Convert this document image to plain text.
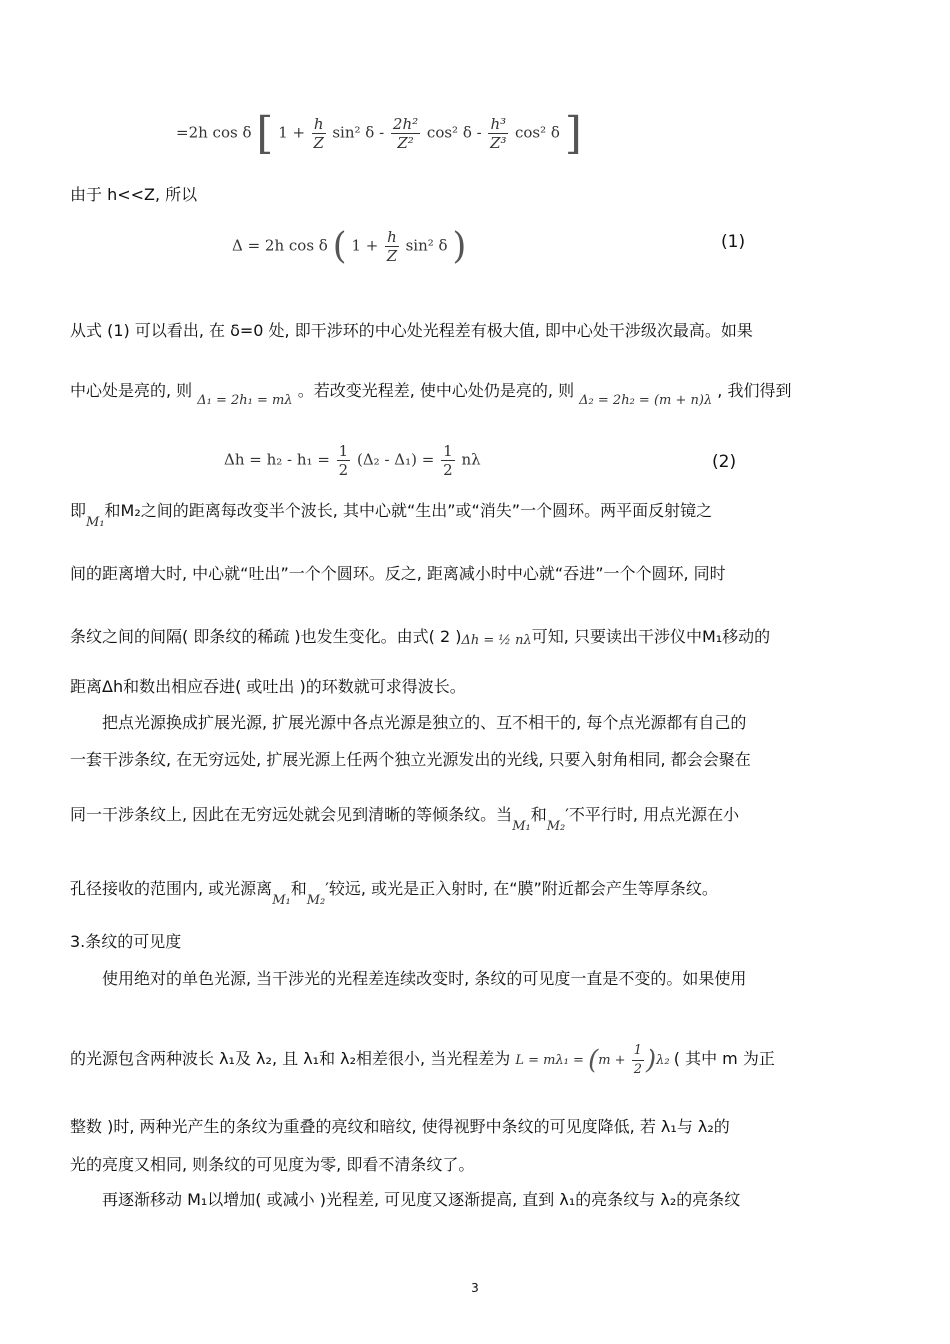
=2h cos δ [ $1 + \frac{h}{Z} \sin^2$ δ - $\frac{\text{2h²}}{\text{Z²}} \cos^2$ δ - $\frac{\text{h³}}{\text{Z³}} \cos^2$ δ ]
由于 h<<Z, 所以
Δ = 2h cos δ ( $1 + \frac{h}{Z} \sin^2$ δ )	(1)
从式 (1) 可以看出, 在 δ=0 处, 即干涉环的中心处光程差有极大值, 即中心处干涉级次最高。如果
中心处是亮的, 则 $_{\Delta_1 = 2h_1 = m\lambda}$ 。若改变光程差, 使中心处仍是亮的, 则 $_{\Delta_2 = 2h_2 = (m + n)\lambda}$ , 我们得到
$\Delta h = h_2 - h_1 = \frac{1}{2} (\Delta_2 - \Delta_1) = \frac{1}{2}$ nλ	(2)
即$_{M_1}$和M₂之间的距离每改变半个波长, 其中心就“生出”或“消失”一个圆环。两平面反射镜之
间的距离增大时, 中心就“吐出”一个个圆环。反之, 距离减小时中心就“吞进”一个个圆环, 同时
条纹之间的间隔( 即条纹的稀疏 )也发生变化。由式( 2 )Δh = ½ nλ可知, 只要读出干涉仪中M₁移动的
距离Δh和数出相应吞进( 或吐出 )的环数就可求得波长。
　　把点光源换成扩展光源, 扩展光源中各点光源是独立的、互不相干的, 每个点光源都有自己的
一套干涉条纹, 在无穷远处, 扩展光源上任两个独立光源发出的光线, 只要入射角相同, 都会会聚在
同一干涉条纹上, 因此在无穷远处就会见到清晰的等倾条纹。当$_{M_1}$和$_{M_2}$′不平行时, 用点光源在小
孔径接收的范围内, 或光源离$_{M_1}$和$_{M_2}$′较远, 或光是正入射时, 在“膜”附近都会产生等厚条纹。
3.条纹的可见度
　　使用绝对的单色光源, 当干涉光的光程差连续改变时, 条纹的可见度一直是不变的。如果使用
的光源包含两种波长 λ₁及 λ₂, 且 λ₁和 λ₂相差很小, 当光程差为 $L = m\lambda_1 = (m + \frac{1}{2} )\lambda_2$ ( 其中 m 为正
整数 )时, 两种光产生的条纹为重叠的亮纹和暗纹, 使得视野中条纹的可见度降低, 若 λ₁与 λ₂的
光的亮度又相同, 则条纹的可见度为零, 即看不清条纹了。
　　再逐渐移动 M₁以增加( 或减小 )光程差, 可见度又逐渐提高, 直到 λ₁的亮条纹与 λ₂的亮条纹
3
